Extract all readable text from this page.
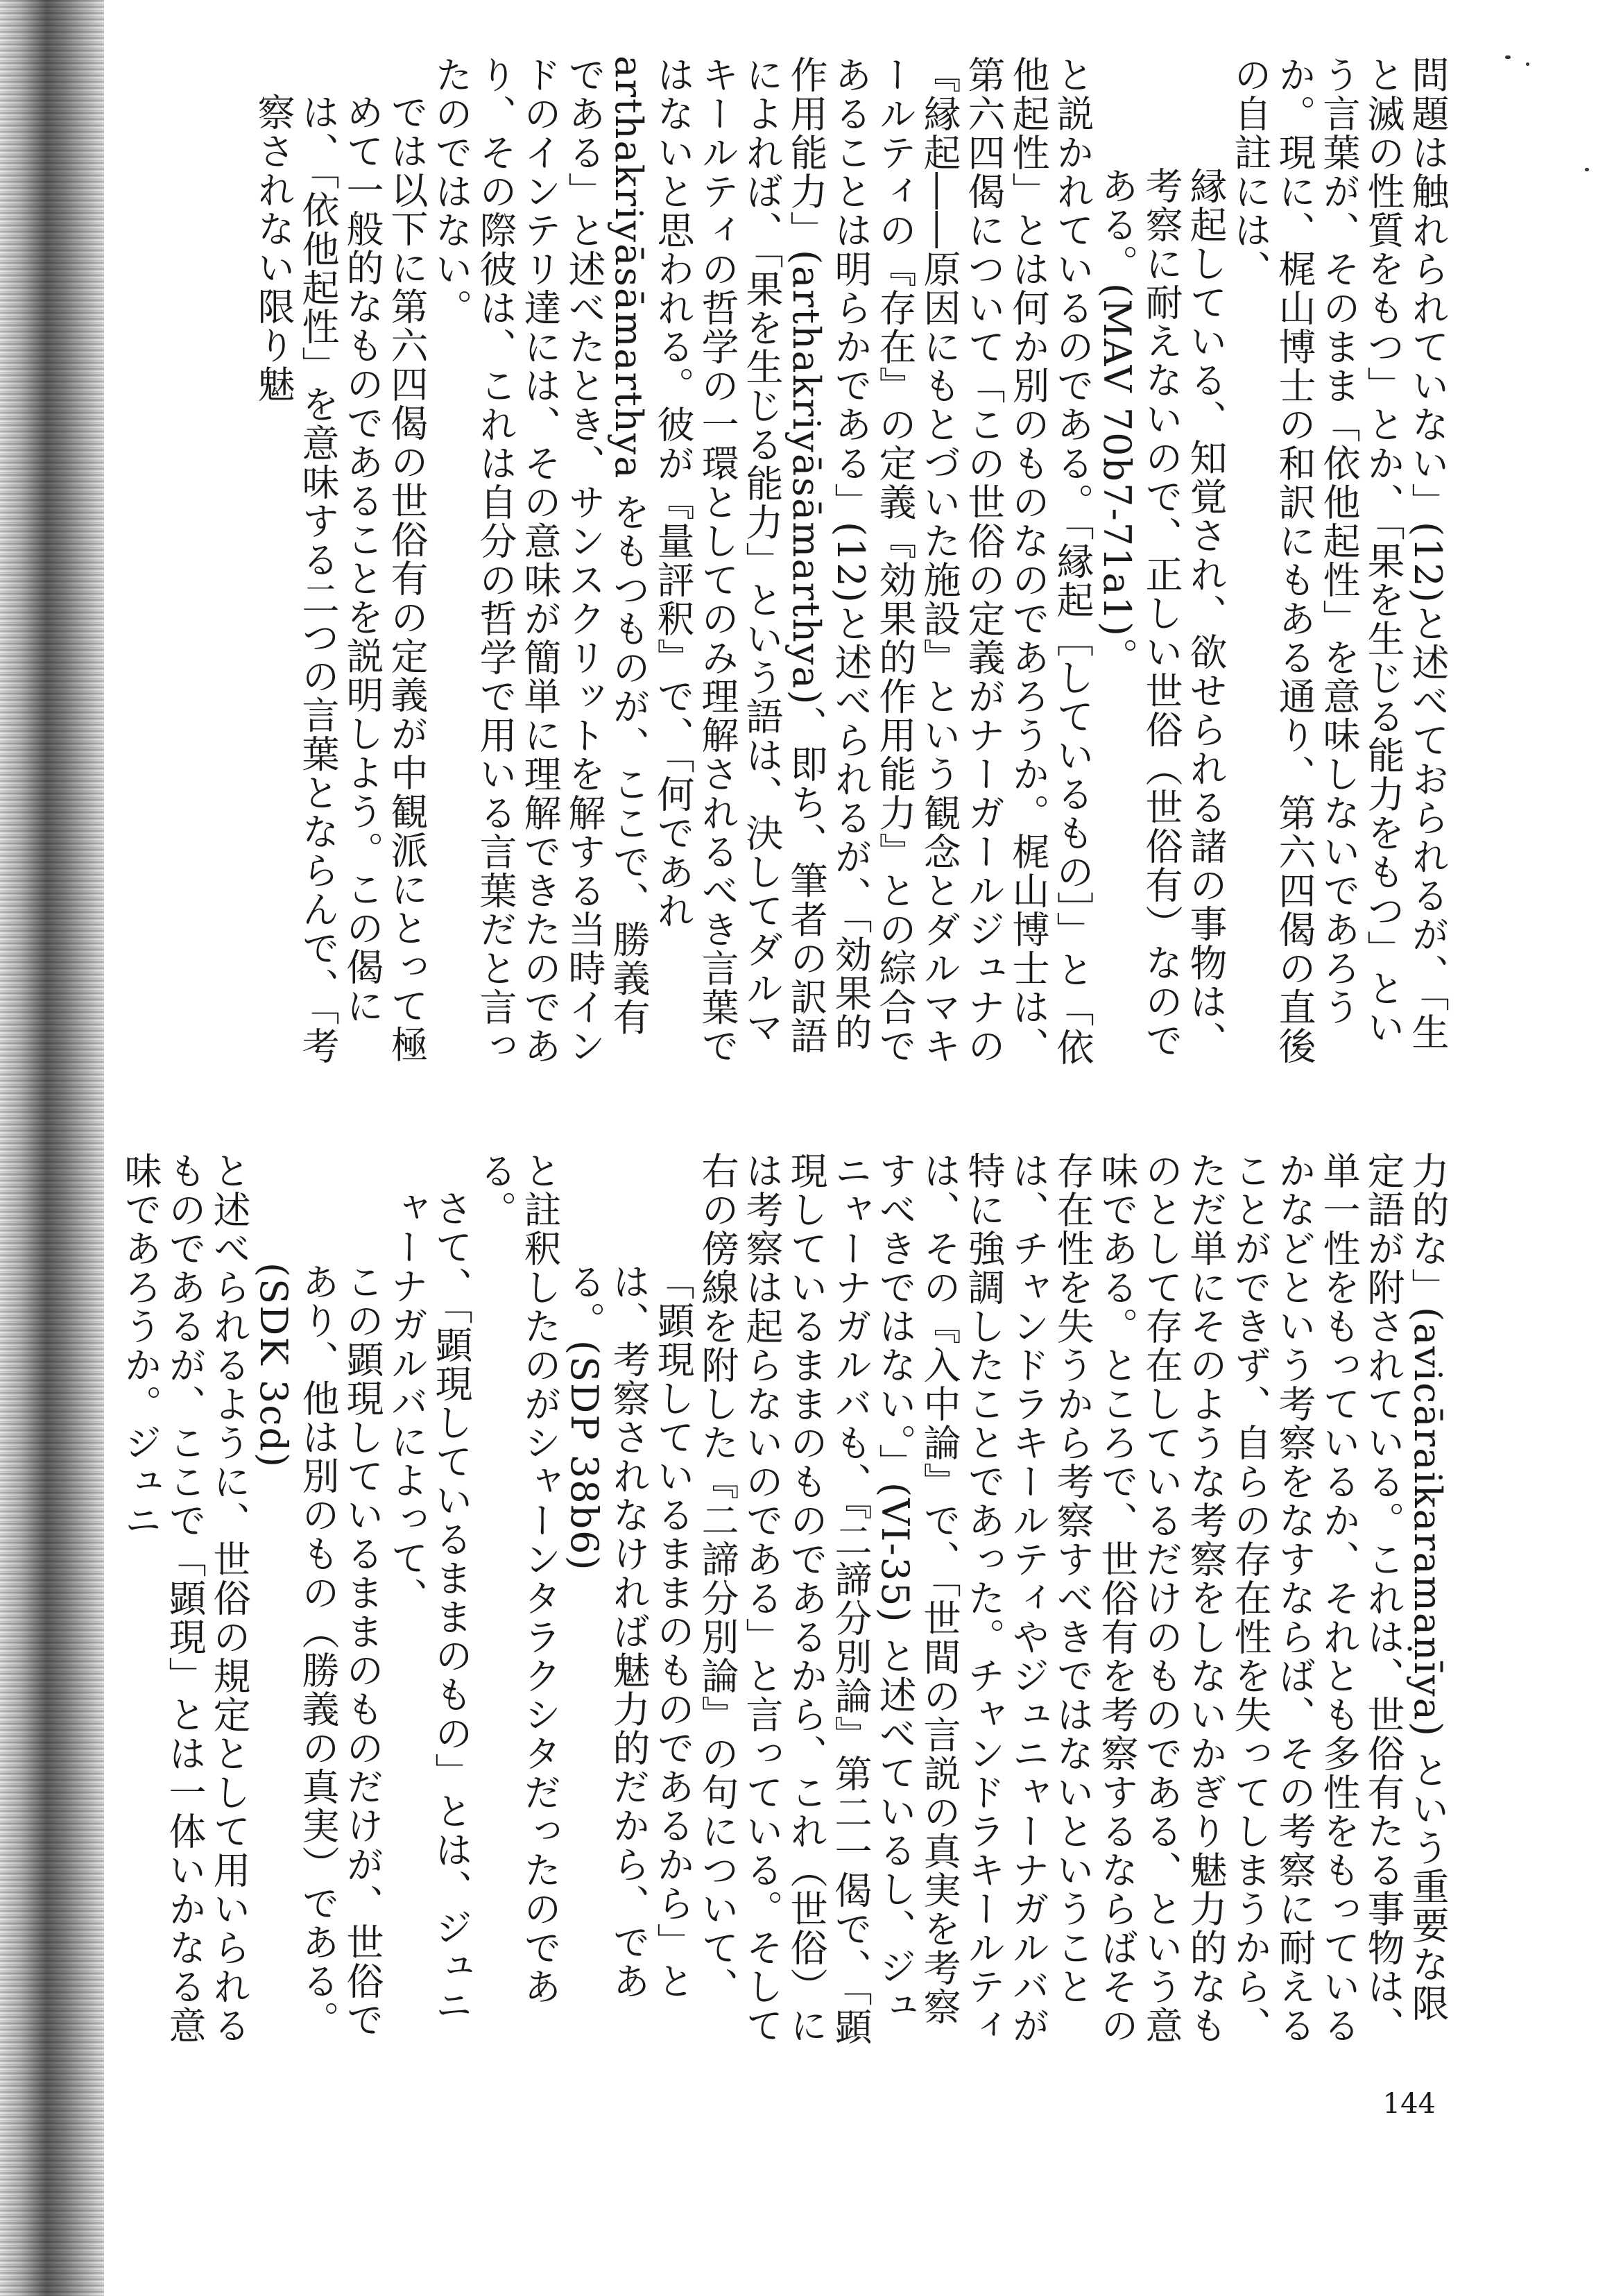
問題は触れられていない」(12)と述べておられるが、「生と滅の性質をもつ」とか、「果を生じる能力をもつ」という言葉が、そのまま「依他起性」を意味しないであろうか。現に、梶山博士の和訳にもある通り、第六四偈の直後の自註には、

縁起している、知覚され、欲せられる諸の事物は、考察に耐えないので、正しい世俗（世俗有）なのである。(MAV 70b7-71a1)。

と説かれているのである。「縁起［しているもの］」と「依他起性」とは何か別のものなのであろうか。梶山博士は、第六四偈について「この世俗の定義がナーガールジュナの『縁起――原因にもとづいた施設』という観念とダルマキールティの『存在』の定義『効果的作用能力』との綜合であることは明らかである」(12)と述べられるが、「効果的作用能力」(arthakriyāsāmarthya)、即ち、筆者の訳語によれば、「果を生じる能力」という語は、決してダルマキールティの哲学の一環としてのみ理解されるべき言葉ではないと思われる。彼が『量評釈』で、「何であれ arthakriyāsāmarthya をもつものが、ここで、勝義有である」と述べたとき、サンスクリットを解する当時インドのインテリ達には、その意味が簡単に理解できたのであり、その際彼は、これは自分の哲学で用いる言葉だと言ったのではない。

では以下に第六四偈の世俗有の定義が中観派にとって極めて一般的なものであることを説明しよう。この偈には、「依他起性」を意味する二つの言葉とならんで、「考察されない限り魅

力的な」(avicāraikaramaṇīya) という重要な限定語が附されている。これは、世俗有たる事物は、単一性をもっているか、それとも多性をもっているかなどという考察をなすならば、その考察に耐えることができず、自らの存在性を失ってしまうから、ただ単にそのような考察をしないかぎり魅力的なものとして存在しているだけのものである、という意味である。ところで、世俗有を考察するならばその存在性を失うから考察すべきではないということは、チャンドラキールティやジュニャーナガルバが特に強調したことであった。チャンドラキールティは、その『入中論』で、「世間の言説の真実を考察すべきではない。」(VI-35) と述べているし、ジュニャーナガルバも、『二諦分別論』第二一偈で、「顕現しているままのものであるから、これ（世俗）には考察は起らないのである」と言っている。そして右の傍線を附した『二諦分別論』の句について、

「顕現しているままのものであるから」とは、考察されなければ魅力的だから、である。(SDP 38b6)

と註釈したのがシャーンタラクシタだったのである。

さて、「顕現しているままのもの」とは、ジュニャーナガルバによって、

この顕現しているままのものだけが、世俗であり、他は別のもの（勝義の真実）である。(SDK 3cd)

と述べられるように、世俗の規定として用いられるものであるが、ここで「顕現」とは一体いかなる意味であろうか。ジュニ

144
